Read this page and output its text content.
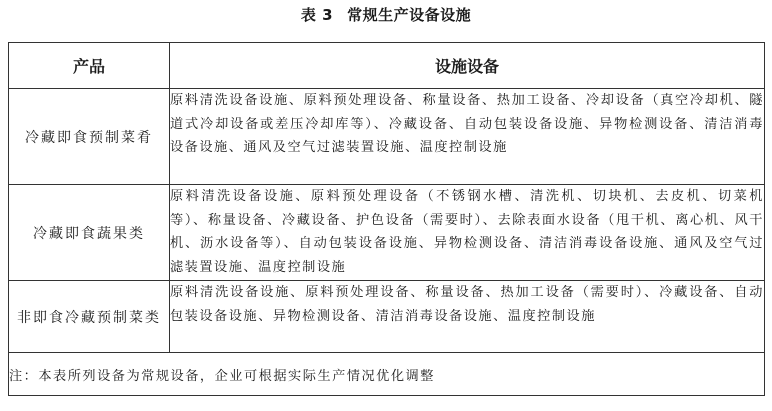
表 3 常规生产设备设施
产品	设施设备
冷藏即食预制菜肴	原料清洗设备设施、原料预处理设备、称量设备、热加工设备、冷却设备（真空冷却机、隧道式冷却设备或差压冷却库等）、冷藏设备、自动包装设备设施、异物检测设备、清洁消毒设备设施、通风及空气过滤装置设施、温度控制设施
冷藏即食蔬果类	原料清洗设备设施、原料预处理设备（不锈钢水槽、清洗机、切块机、去皮机、切菜机等）、称量设备、冷藏设备、护色设备（需要时）、去除表面水设备（甩干机、离心机、风干机、沥水设备等）、自动包装设备设施、异物检测设备、清洁消毒设备设施、通风及空气过滤装置设施、温度控制设施
非即食冷藏预制菜类	原料清洗设备设施、原料预处理设备、称量设备、热加工设备（需要时）、冷藏设备、自动包装设备设施、异物检测设备、清洁消毒设备设施、温度控制设施
注：本表所列设备为常规设备，企业可根据实际生产情况优化调整	
